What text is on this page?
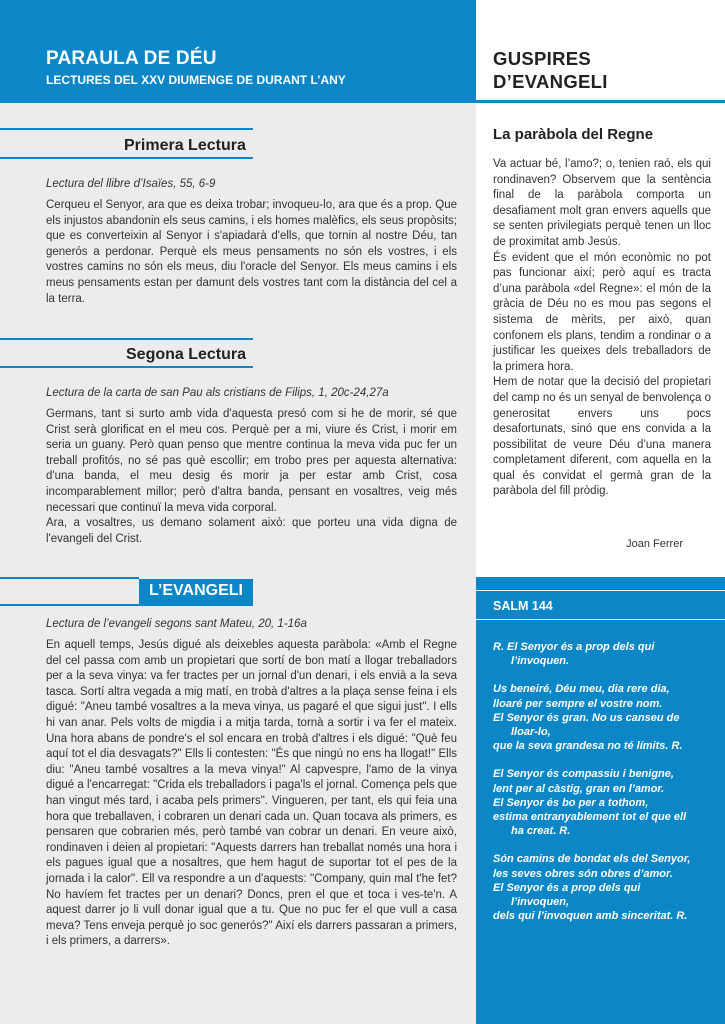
PARAULA DE DÉU
LECTURES DEL XXV DIUMENGE DE DURANT L’ANY
GUSPIRES
D’EVANGELI
Primera Lectura
Lectura del llibre d’Isaïes, 55, 6-9
Cerqueu el Senyor, ara que es deixa trobar; invoqueu-lo, ara que és a prop. Que els injustos abandonin els seus camins, i els homes malèfics, els seus propòsits; que es converteixin al Senyor i s'apiadarà d'ells, que tornin al nostre Déu, tan generós a perdonar. Perquè els meus pensaments no són els vostres, i els vostres camins no són els meus, diu l'oracle del Senyor. Els meus camins i els meus pensaments estan per damunt dels vostres tant com la distància del cel a la terra.
Segona Lectura
Lectura de la carta de san Pau als cristians de Filips, 1, 20c-24,27a

Germans, tant si surto amb vida d'aquesta presó com si he de morir, sé que Crist serà glorificat en el meu cos. Perquè per a mi, viure és Crist, i morir em seria un guany. Però quan penso que mentre continua la meva vida puc fer un treball profitós, no sé pas què escollir; em trobo pres per aquesta alternativa: d'una banda, el meu desig és morir ja per estar amb Crist, cosa incomparablement millor; però d'altra banda, pensant en vosaltres, veig més necessari que continuï la meva vida corporal.

Ara, a vosaltres, us demano solament això: que porteu una vida digna de l'evangeli del Crist.

L’EVANGELI
Lectura de l’evangeli segons sant Mateu, 20, 1-16a
En aquell temps, Jesús digué als deixebles aquesta paràbola: «Amb el Regne del cel passa com amb un propietari que sortí de bon matí a llogar treballadors per a la seva vinya: va fer tractes per un jornal d'un denari, i els envià a la seva tasca. Sortí altra vegada a mig matí, en trobà d'altres a la plaça sense feina i els digué: "Aneu també vosaltres a la meva vinya, us pagaré el que sigui just". I ells hi van anar. Pels volts de migdia i a mitja tarda, tornà a sortir i va fer el mateix. Una hora abans de pondre's el sol encara en trobà d'altres i els digué: "Què feu aquí tot el dia desvagats?" Ells li contesten: "És que ningú no ens ha llogat!" Ells diu: "Aneu també vosaltres a la meva vinya!" Al capvespre, l'amo de la vinya digué a l'encarregat: "Crida els treballadors i paga'ls el jornal. Comença pels que han vingut més tard, i acaba pels primers". Vingueren, per tant, els qui feia una hora que treballaven, i cobraren un denari cada un. Quan tocava als primers, es pensaren que cobrarien més, però també van cobrar un denari. En veure això, rondinaven i deien al propietari: "Aquests darrers han treballat només una hora i els pagues igual que a nosaltres, que hem hagut de suportar tot el pes de la jornada i la calor". Ell va respondre a un d'aquests: "Company, quin mal t'he fet? No havíem fet tractes per un denari? Doncs, pren el que et toca i ves-te'n. A aquest darrer jo li vull donar igual que a tu. Que no puc fer el que vull a casa meva? Tens enveja perquè jo soc generós?" Així els darrers passaran a primers, i els primers, a darrers».
La paràbola del Regne

Va actuar bé, l’amo?; o, tenien raó, els qui rondinaven? Observem que la sentència final de la paràbola comporta un desafiament molt gran envers aquells que se senten privilegiats perquè tenen un lloc de proximitat amb Jesús.

És evident que el món econòmic no pot pas funcionar així; però aquí es tracta d’una paràbola «del Regne»: el món de la gràcia de Déu no es mou pas segons el sistema de mèrits, per això, quan confonem els plans, tendim a rondinar o a justificar les queixes dels treballadors de la primera hora.

Hem de notar que la decisió del propietari del camp no és un senyal de benvolença o generositat envers uns pocs desafortunats, sinó que ens convida a la possibilitat de veure Déu d’una manera completament diferent, com aquella en la qual és convidat el germà gran de la paràbola del fill pròdig.

Joan Ferrer
SALM 144
R. El Senyor és a prop dels qui
l’invoquen.
Us beneiré, Déu meu, dia rere dia,
lloaré per sempre el vostre nom.
El Senyor és gran. No us canseu de
lloar-lo,
que la seva grandesa no té límits. R.
El Senyor és compassiu i benigne,
lent per al càstig, gran en l’amor.
El Senyor és bo per a tothom,
estima entranyablement tot el que ell
ha creat. R.
Són camins de bondat els del Senyor,
les seves obres són obres d’amor.
El Senyor és a prop dels qui
l’invoquen,
dels qui l’invoquen amb sinceritat. R.
